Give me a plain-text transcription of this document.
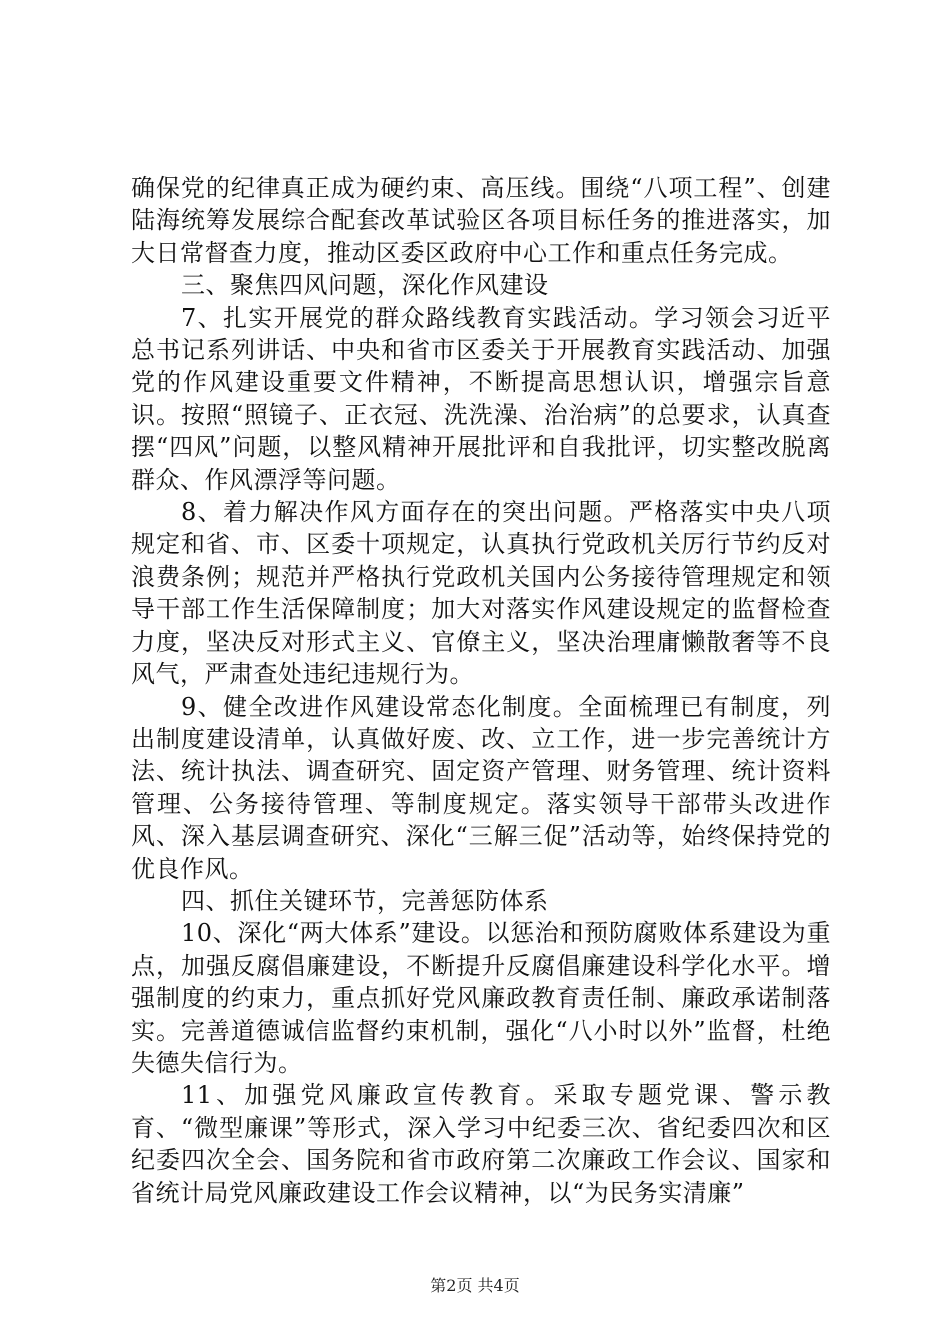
确保党的纪律真正成为硬约束、高压线。围绕“八项工程”、创建陆海统筹发展综合配套改革试验区各项目标任务的推进落实，加大日常督查力度，推动区委区政府中心工作和重点任务完成。

三、聚焦四风问题，深化作风建设

7、扎实开展党的群众路线教育实践活动。学习领会习近平总书记系列讲话、中央和省市区委关于开展教育实践活动、加强党的作风建设重要文件精神，不断提高思想认识，增强宗旨意识。按照“照镜子、正衣冠、洗洗澡、治治病”的总要求，认真查摆“四风”问题，以整风精神开展批评和自我批评，切实整改脱离群众、作风漂浮等问题。

8、着力解决作风方面存在的突出问题。严格落实中央八项规定和省、市、区委十项规定，认真执行党政机关厉行节约反对浪费条例；规范并严格执行党政机关国内公务接待管理规定和领导干部工作生活保障制度；加大对落实作风建设规定的监督检查力度，坚决反对形式主义、官僚主义，坚决治理庸懒散奢等不良风气，严肃查处违纪违规行为。

9、健全改进作风建设常态化制度。全面梳理已有制度，列出制度建设清单，认真做好废、改、立工作，进一步完善统计方法、统计执法、调查研究、固定资产管理、财务管理、统计资料管理、公务接待管理、等制度规定。落实领导干部带头改进作风、深入基层调查研究、深化“三解三促”活动等，始终保持党的优良作风。

四、抓住关键环节，完善惩防体系

10、深化“两大体系”建设。以惩治和预防腐败体系建设为重点，加强反腐倡廉建设，不断提升反腐倡廉建设科学化水平。增强制度的约束力，重点抓好党风廉政教育责任制、廉政承诺制落实。完善道德诚信监督约束机制，强化“八小时以外”监督，杜绝失德失信行为。

11、加强党风廉政宣传教育。采取专题党课、警示教育、“微型廉课”等形式，深入学习中纪委三次、省纪委四次和区纪委四次全会、国务院和省市政府第二次廉政工作会议、国家和省统计局党风廉政建设工作会议精神，以“为民务实清廉”

第2页 共4页
